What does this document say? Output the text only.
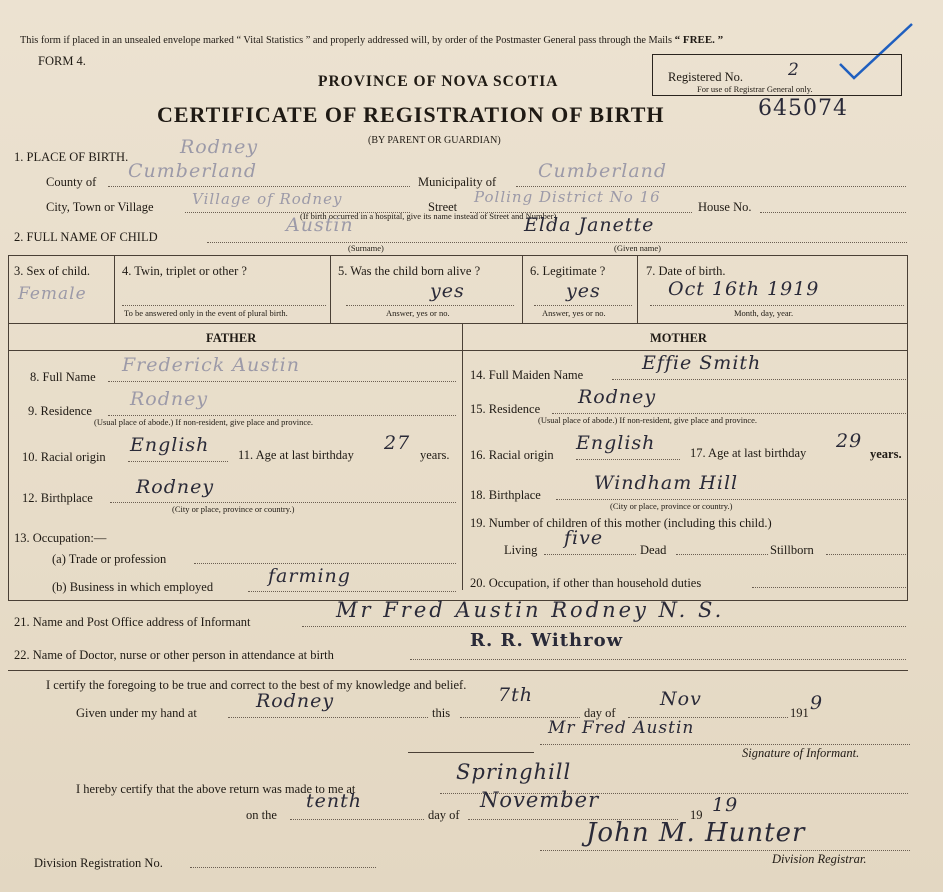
This form if placed in an unsealed envelope marked “ Vital Statistics ” and properly addressed will, by order of the Postmaster General pass through the Mails “ FREE. ”
FORM 4.
PROVINCE OF NOVA SCOTIA	Registered No.	2
For use of Registrar General only.
CERTIFICATE OF REGISTRATION OF BIRTH	645074
(BY PARENT OR GUARDIAN)
1. PLACE OF BIRTH.	Rodney
County of Cumberland	Municipality of Cumberland
City, Town or Village	Village of Rodney	Street
Polling District No 16
House No.
(If birth occurred in a hospital, give its name instead of Street and Number)
2. FULL NAME OF CHILD
Austin
(Surname)
Elda Janette
(Given name)
3. Sex of child.
Female
4. Twin, triplet or other ?
To be answered only in the event of plural birth.
5. Was the child born alive ?
yes
Answer, yes or no.
6. Legitimate ?
yes
Answer, yes or no.
7. Date of birth.
Oct 16th 1919
Month, day, year.
FATHER	MOTHER
8. Full Name
Frederick Austin
9. Residence
Rodney
(Usual place of abode.) If non-resident, give place and province.
10. Racial origin
English 11. Age at last birthday
27
years.
12. Birthplace Rodney
(City or place, province or country.)
13. Occupation:—
(a) Trade or profession
(b) Business in which employed	farming
14. Full Maiden Name
Effie Smith
15. Residence
Rodney
(Usual place of abode.) If non-resident, give place and province.
16. Racial origin
English	17. Age at last birthday
29
years.
18. Birthplace
Windham Hill
(City or place, province or country.)
19. Number of children of this mother (including this child.)
Living
five
Dead	Stillborn
20. Occupation, if other than household duties
21. Name and Post Office address of Informant	Mr Fred Austin Rodney N. S.
22. Name of Doctor, nurse or other person in attendance at birth
R. R. Withrow
I certify the foregoing to be true and correct to the best of my knowledge and belief.
Given under my hand at
Rodney
this
7th
day of
Nov
191 9
Mr Fred Austin
Signature of Informant.
I hereby certify that the above return was made to me at
Springhill
on the
tenth
day of
November
19 19
John M. Hunter
Division Registrar.
Division Registration No.
